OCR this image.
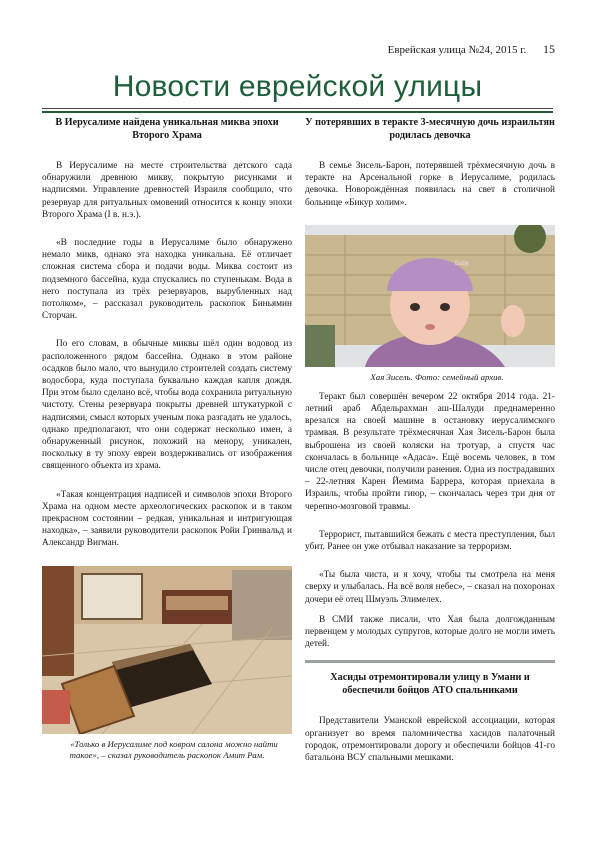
Еврейская улица №24, 2015 г. 15
Новости еврейской улицы
В Иерусалиме найдена уникальная миква эпохи Второго Храма

В Иерусалиме на месте строительства детского сада обнаружили древнюю микву, покрытую рисунками и надписями. Управление древностей Израиля сообщило, что резервуар для ритуальных омовений относится к концу эпохи Второго Храма (I в. н.э.).

«В последние годы в Иерусалиме было обнаружено немало микв, однако эта находка уникальна. Её отличает сложная система сбора и подачи воды. Миква состоит из подземного бассейна, куда спускались по ступенькам. Вода в него поступала из трёх резервуаров, вырубленных над потолком», – рассказал руководитель раскопок Биньямин Сторчан.

По его словам, в обычные миквы шёл один водовод из расположенного рядом бассейна. Однако в этом районе осадков было мало, что вынудило строителей создать систему водосбора, куда поступала буквально каждая капля дождя. При этом было сделано всё, чтобы вода сохранила ритуальную чистоту. Стены резервуара покрыты древней штукатуркой с надписями, смысл которых ученым пока разгадать не удалось, однако предполагают, что они содержат несколько имен, а обнаруженный рисунок, похожий на менору, уникален, поскольку в ту эпоху евреи воздерживались от изображения священного объекта из храма.

«Такая концентрация надписей и символов эпохи Второго Храма на одном месте археологических раскопок и в таком прекрасном состоянии – редкая, уникальная и интригующая находка», – заявили руководители раскопок Ройи Гринвальд и Александр Вигман.

«Только в Иерусалиме под ковром салона можно найти такое», – сказал руководитель раскопок Амит Рам.

У потерявших в теракте 3-месячную дочь израильтян родилась девочка

В семье Зисель-Барон, потерявшей трёхмесячную дочь в теракте на Арсенальной горке в Иерусалиме, родилась девочка. Новорождённая появилась на свет в столичной больнице «Бикур холим».

Baby

Хая Зисель. Фото: семейный архив.

Теракт был совершён вечером 22 октября 2014 года. 21-летний араб Абдельрахман аш-Шалуди преднамеренно врезался на своей машине в остановку иерусалимского трамвая. В результате трёхмесячная Хая Зисель-Барон была выброшена из своей коляски на тротуар, а спустя час скончалась в больнице «Адаса». Ещё восемь человек, в том числе отец девочки, получили ранения. Одна из пострадавших – 22-летняя Карен Йемима Баррера, которая приехала в Израиль, чтобы пройти гиюр, – скончалась через три дня от черепно-мозговой травмы.

Террорист, пытавшийся бежать с места преступления, был убит. Ранее он уже отбывал наказание за терроризм.

«Ты была чиста, и я хочу, чтобы ты смотрела на меня сверху и улыбалась. На всё воля небес», – сказал на похоронах дочери её отец Шмуэль Элимелех.

В СМИ также писали, что Хая была долгожданным первенцем у молодых супругов, которые долго не могли иметь детей.

Хасиды отремонтировали улицу в Умани и обеспечили бойцов АТО спальниками

Представители Уманской еврейской ассоциации, которая организует во время паломничества хасидов палаточный городок, отремонтировали дорогу и обеспечили бойцов 41-го батальона ВСУ спальными мешками.
